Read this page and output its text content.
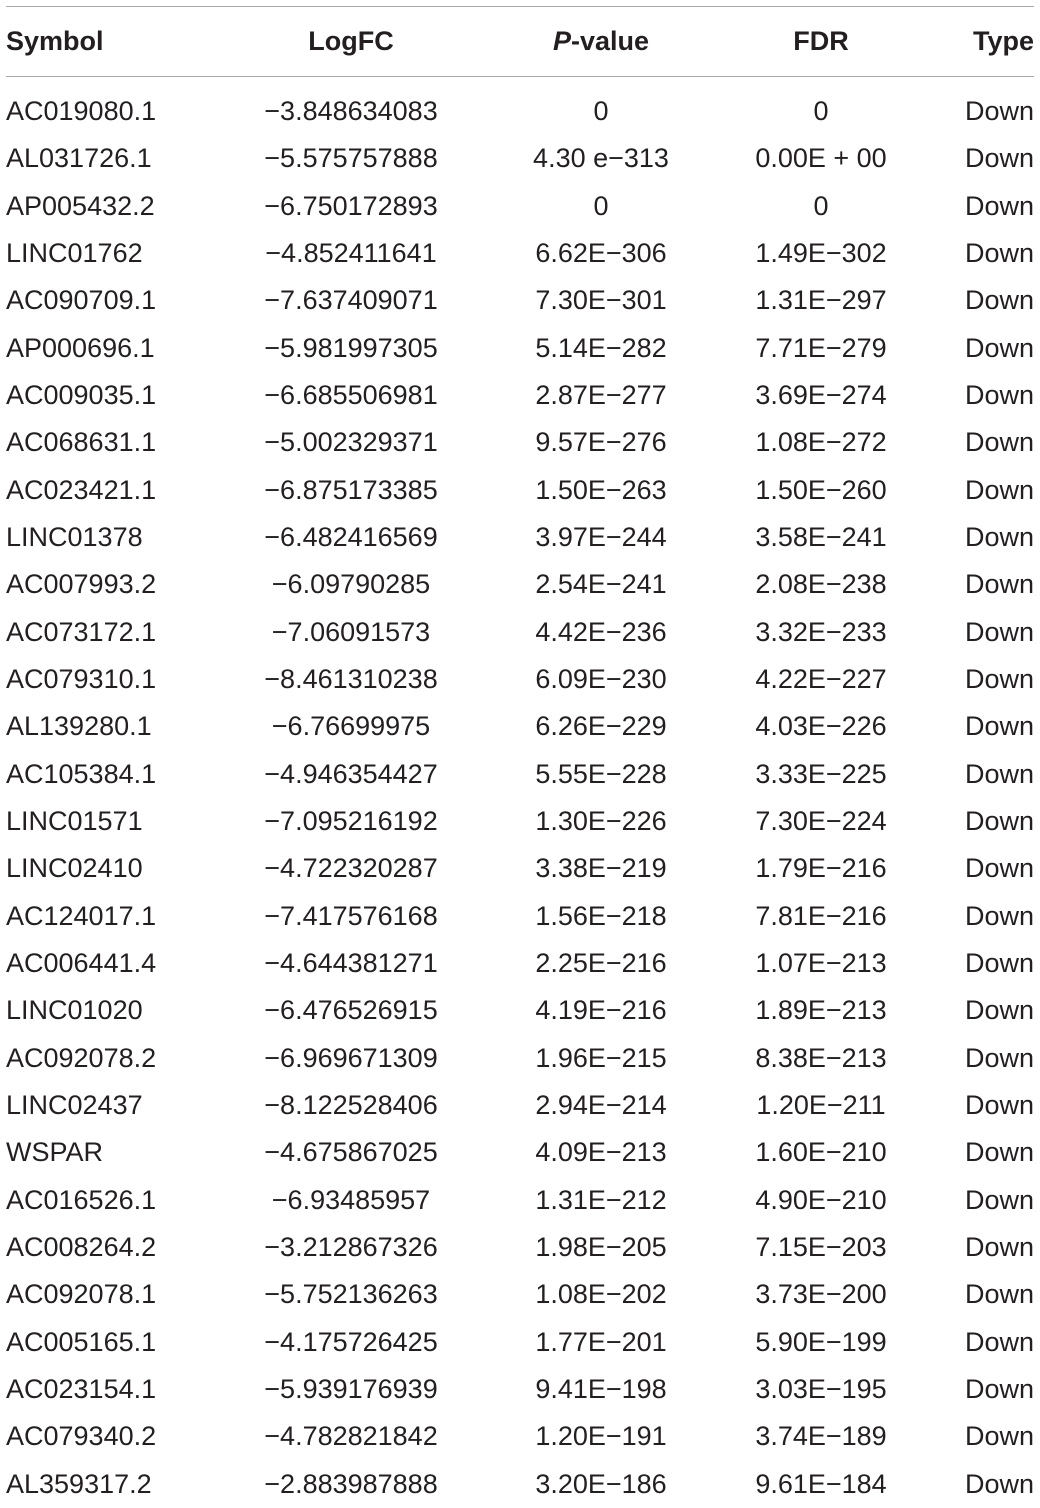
Symbol	LogFC	P-value	FDR	Type
AC019080.1	−3.848634083	0	0	Down
AL031726.1	−5.575757888	4.30 e−313	0.00E + 00	Down
AP005432.2	−6.750172893	0	0	Down
LINC01762	−4.852411641	6.62E−306	1.49E−302	Down
AC090709.1	−7.637409071	7.30E−301	1.31E−297	Down
AP000696.1	−5.981997305	5.14E−282	7.71E−279	Down
AC009035.1	−6.685506981	2.87E−277	3.69E−274	Down
AC068631.1	−5.002329371	9.57E−276	1.08E−272	Down
AC023421.1	−6.875173385	1.50E−263	1.50E−260	Down
LINC01378	−6.482416569	3.97E−244	3.58E−241	Down
AC007993.2	−6.09790285	2.54E−241	2.08E−238	Down
AC073172.1	−7.06091573	4.42E−236	3.32E−233	Down
AC079310.1	−8.461310238	6.09E−230	4.22E−227	Down
AL139280.1	−6.76699975	6.26E−229	4.03E−226	Down
AC105384.1	−4.946354427	5.55E−228	3.33E−225	Down
LINC01571	−7.095216192	1.30E−226	7.30E−224	Down
LINC02410	−4.722320287	3.38E−219	1.79E−216	Down
AC124017.1	−7.417576168	1.56E−218	7.81E−216	Down
AC006441.4	−4.644381271	2.25E−216	1.07E−213	Down
LINC01020	−6.476526915	4.19E−216	1.89E−213	Down
AC092078.2	−6.969671309	1.96E−215	8.38E−213	Down
LINC02437	−8.122528406	2.94E−214	1.20E−211	Down
WSPAR	−4.675867025	4.09E−213	1.60E−210	Down
AC016526.1	−6.93485957	1.31E−212	4.90E−210	Down
AC008264.2	−3.212867326	1.98E−205	7.15E−203	Down
AC092078.1	−5.752136263	1.08E−202	3.73E−200	Down
AC005165.1	−4.175726425	1.77E−201	5.90E−199	Down
AC023154.1	−5.939176939	9.41E−198	3.03E−195	Down
AC079340.2	−4.782821842	1.20E−191	3.74E−189	Down
AL359317.2	−2.883987888	3.20E−186	9.61E−184	Down
